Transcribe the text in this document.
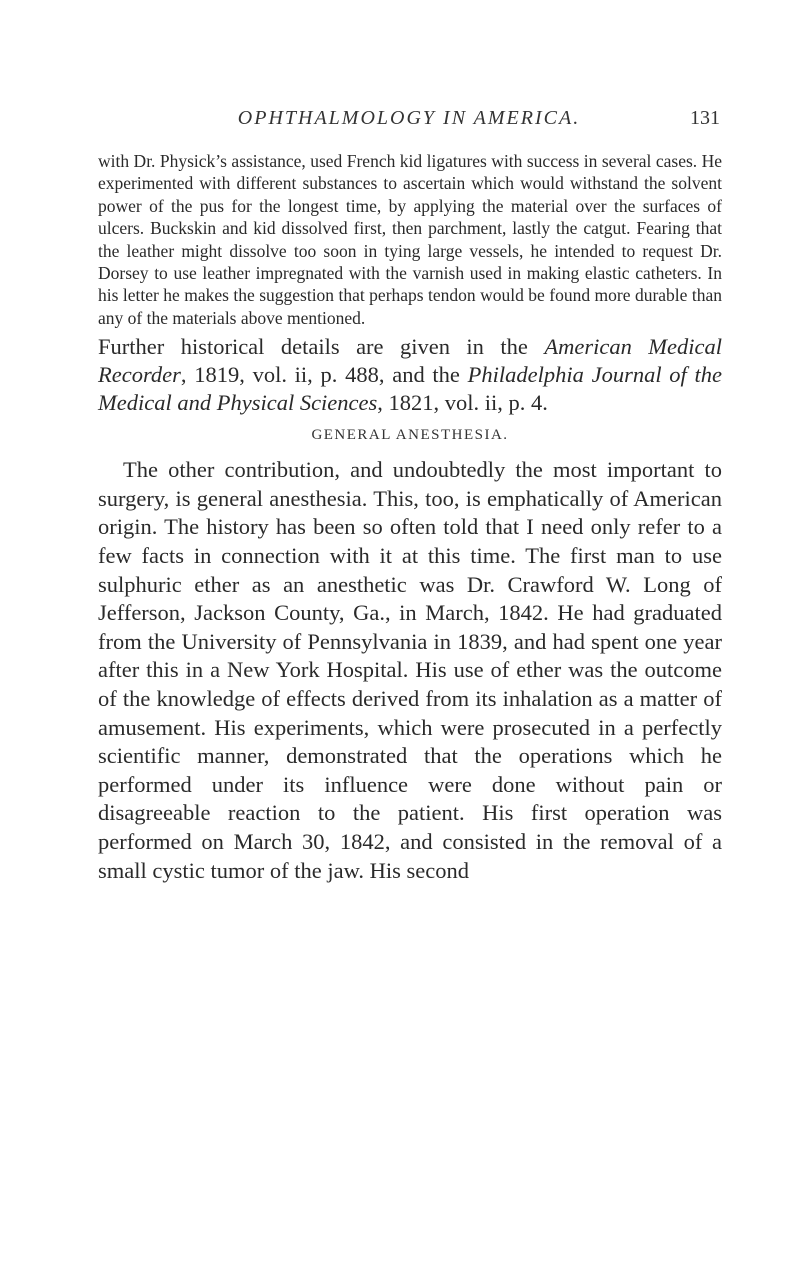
OPHTHALMOLOGY IN AMERICA.	131

with Dr. Physick’s assistance, used French kid ligatures with success in several cases. He experimented with different substances to ascertain which would withstand the solvent power of the pus for the longest time, by applying the material over the surfaces of ulcers. Buckskin and kid dissolved first, then parchment, lastly the catgut. Fearing that the leather might dissolve too soon in tying large vessels, he intended to request Dr. Dorsey to use leather impregnated with the varnish used in making elastic catheters. In his letter he makes the suggestion that perhaps tendon would be found more durable than any of the materials above mentioned.

Further historical details are given in the American Medical Recorder, 1819, vol. ii, p. 488, and the Philadelphia Journal of the Medical and Physical Sciences, 1821, vol. ii, p. 4.

GENERAL ANESTHESIA.

The other contribution, and undoubtedly the most important to surgery, is general anesthesia. This, too, is emphatically of American origin. The history has been so often told that I need only refer to a few facts in connection with it at this time. The first man to use sulphuric ether as an anesthetic was Dr. Crawford W. Long of Jefferson, Jackson County, Ga., in March, 1842. He had graduated from the University of Pennsylvania in 1839, and had spent one year after this in a New York Hospital. His use of ether was the outcome of the knowledge of effects derived from its inhalation as a matter of amusement. His experiments, which were prosecuted in a perfectly scientific manner, demonstrated that the operations which he performed under its influence were done without pain or disagreeable reaction to the patient. His first operation was performed on March 30, 1842, and consisted in the removal of a small cystic tumor of the jaw. His second
